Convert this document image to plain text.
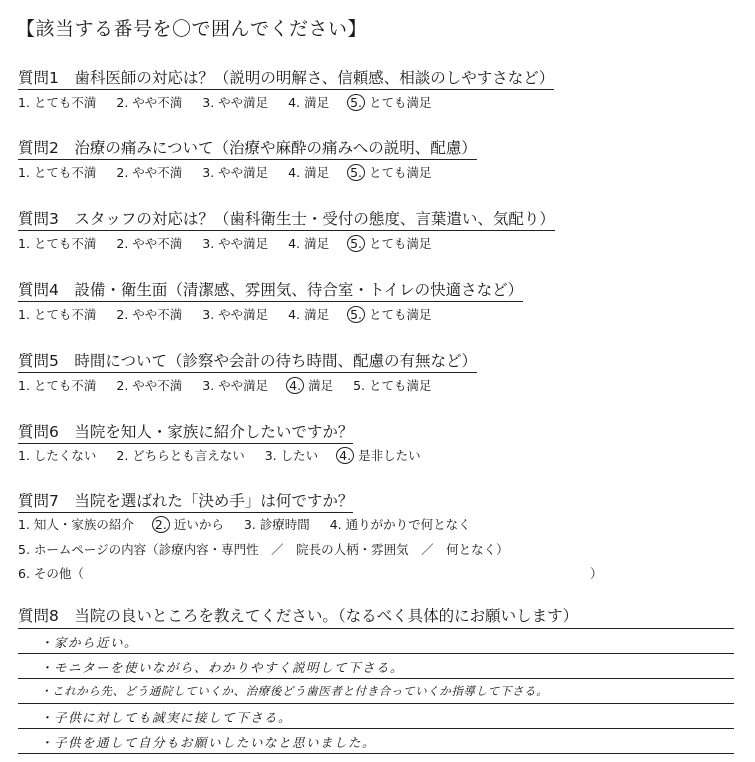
【該当する番号を〇で囲んでください】
質問1　歯科医師の対応は？（説明の明解さ、信頼感、相談のしやすさなど）
1. とても不満 2. やや不満 3. やや満足 4. 満足 5. とても満足
質問2　治療の痛みについて（治療や麻酔の痛みへの説明、配慮）
1. とても不満 2. やや不満 3. やや満足 4. 満足 5. とても満足
質問3　スタッフの対応は？（歯科衛生士・受付の態度、言葉遣い、気配り）
1. とても不満 2. やや不満 3. やや満足 4. 満足 5. とても満足
質問4　設備・衛生面（清潔感、雰囲気、待合室・トイレの快適さなど）
1. とても不満 2. やや不満 3. やや満足 4. 満足 5. とても満足
質問5　時間について（診察や会計の待ち時間、配慮の有無など）
1. とても不満 2. やや不満 3. やや満足 4. 満足 5. とても満足
質問6　当院を知人・家族に紹介したいですか？
1. したくない 2. どちらとも言えない 3. したい 4. 是非したい
質問7　当院を選ばれた「決め手」は何ですか？
1. 知人・家族の紹介 2. 近いから 3. 診療時間 4. 通りがかりで何となく
5. ホームページの内容（診療内容・専門性　／　院長の人柄・雰囲気　／　何となく）
6. その他（	）
質問8　当院の良いところを教えてください。（なるべく具体的にお願いします）
・家から近い。
・モニターを使いながら、わかりやすく説明して下さる。
・これから先、どう通院していくか、治療後どう歯医者と付き合っていくか指導して下さる。
・子供に対しても誠実に接して下さる。
・子供を通して自分もお願いしたいなと思いました。
